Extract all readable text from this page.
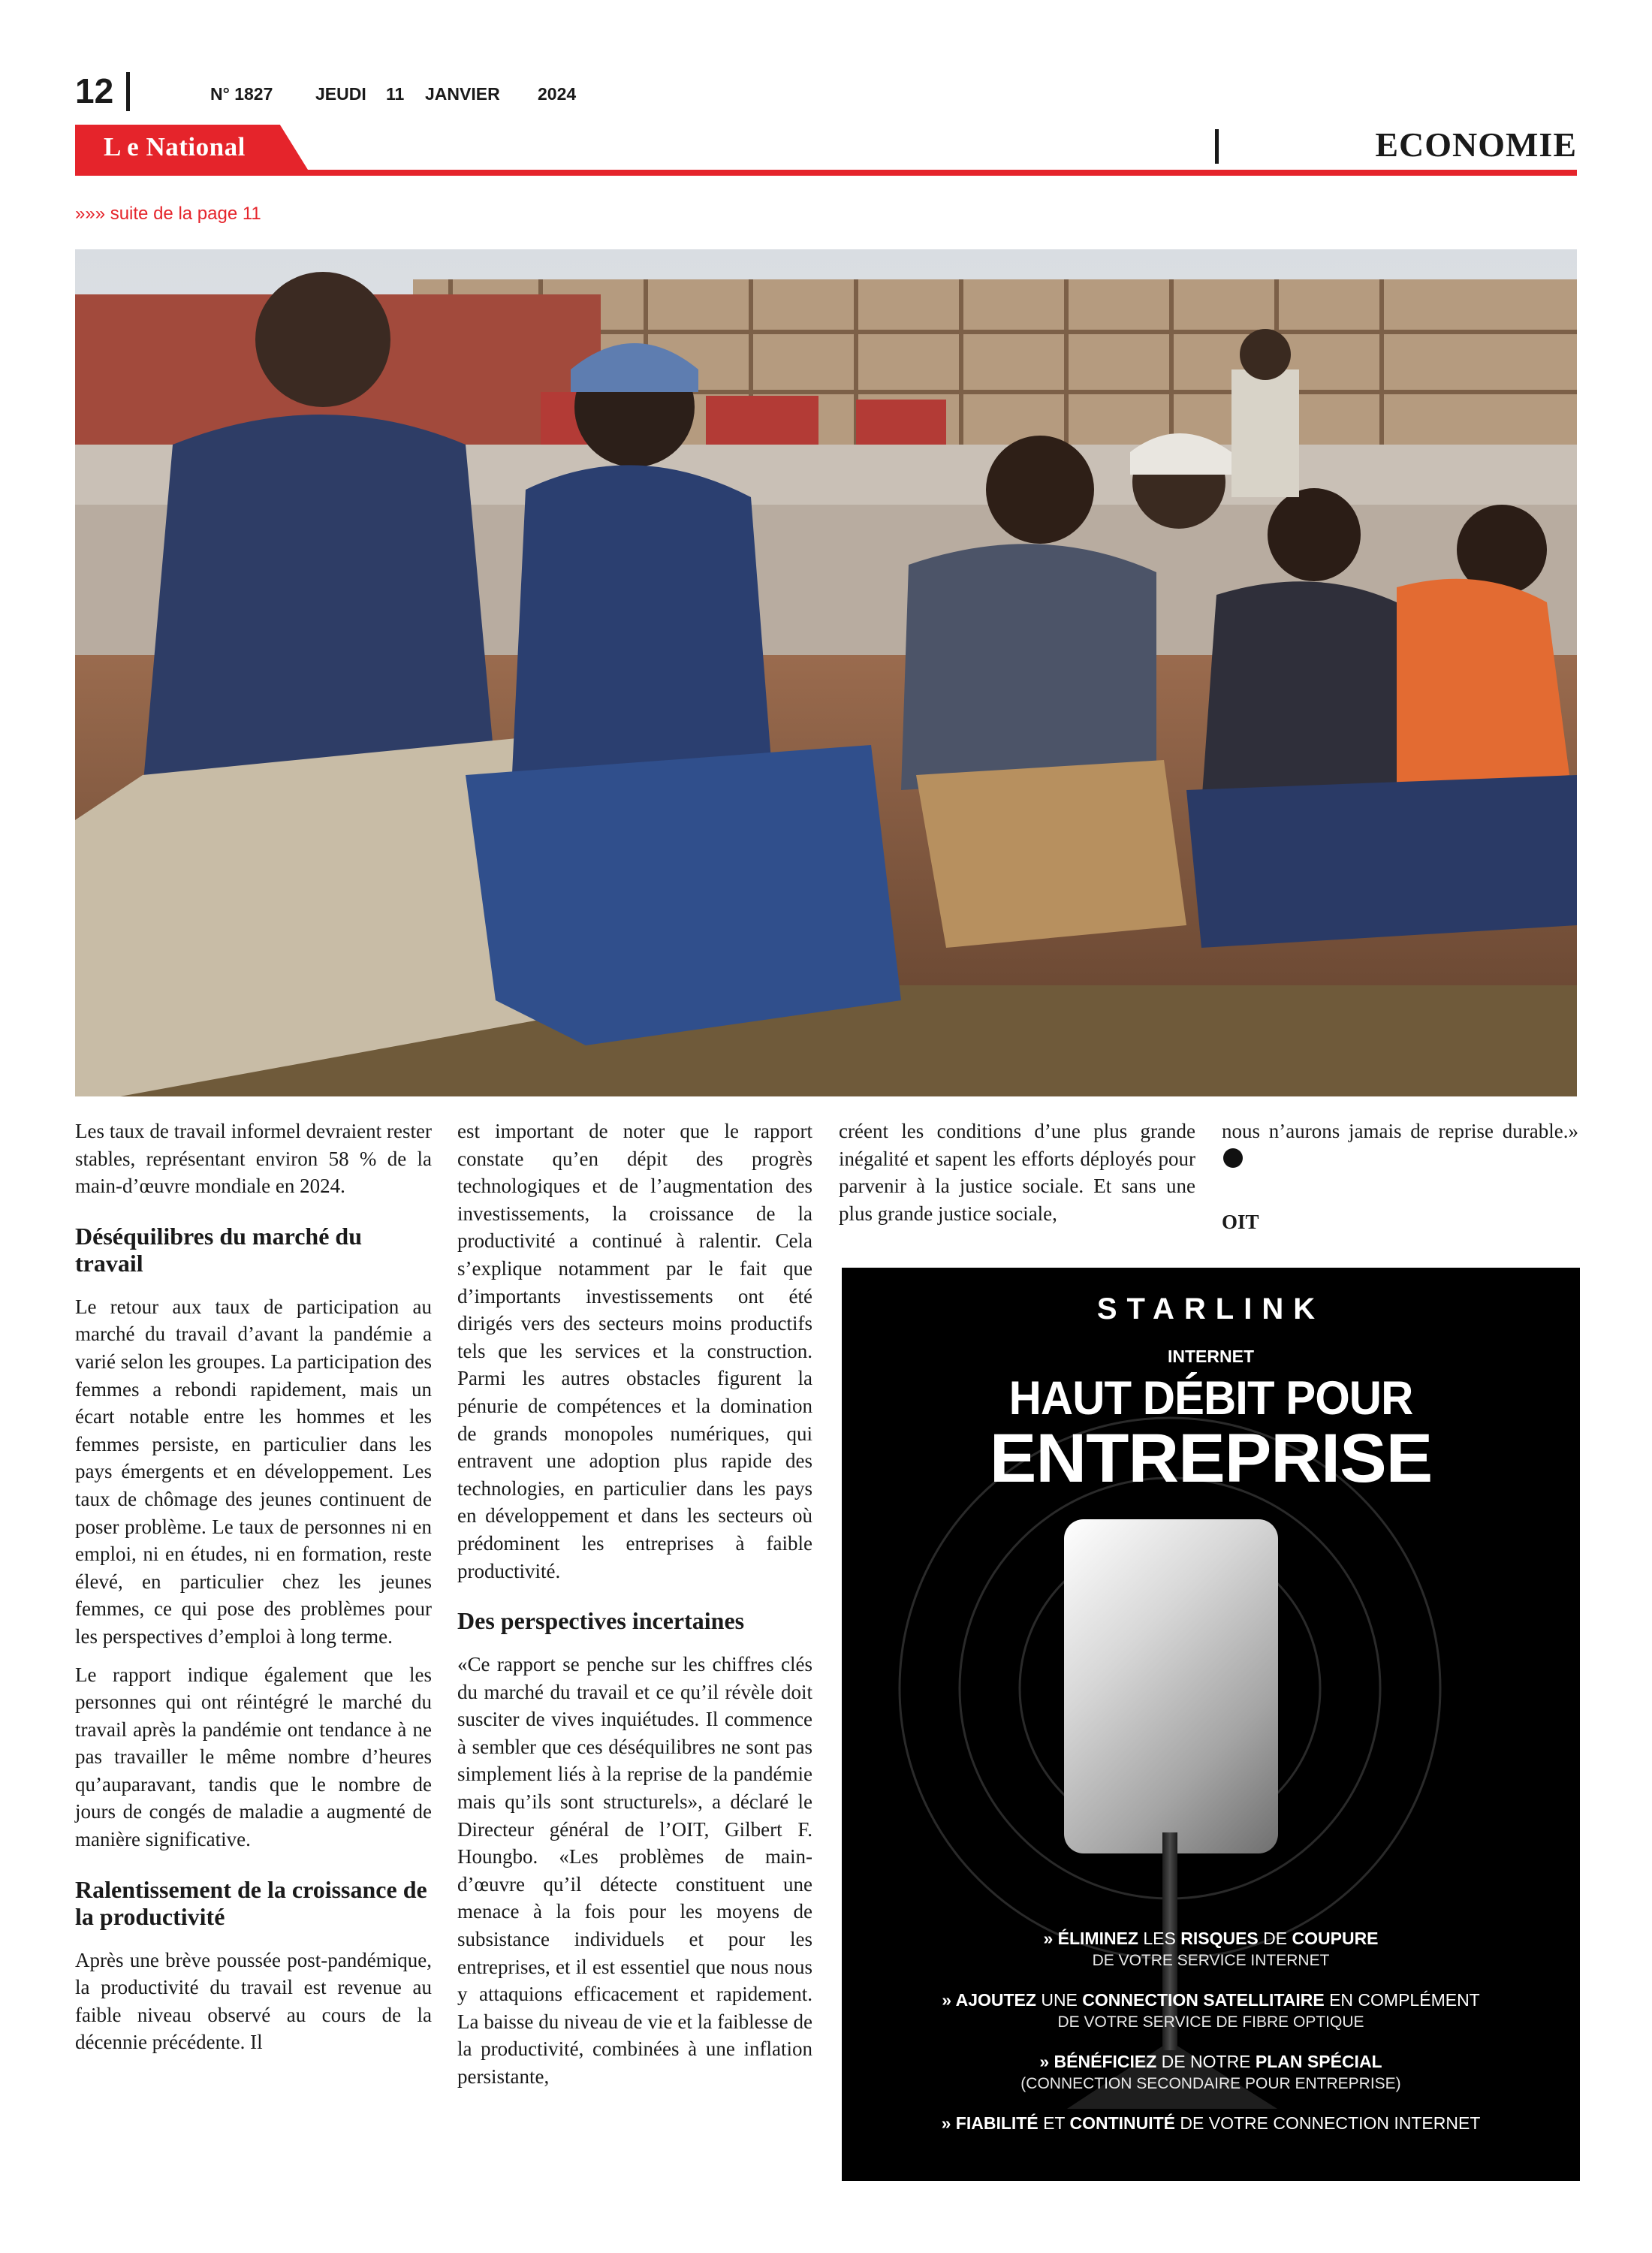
12	N° 1827 JEUDI 11 JANVIER 2024
L e National	ECONOMIE
»»» suite de la page 11

Les taux de travail informel devraient rester stables, représentant environ 58 % de la main-d’œuvre mondiale en 2024.

Déséquilibres du marché du travail

Le retour aux taux de participation au marché du travail d’avant la pandémie a varié selon les groupes. La participation des femmes a rebondi rapidement, mais un écart notable entre les hommes et les femmes persiste, en particulier dans les pays émergents et en développement. Les taux de chômage des jeunes continuent de poser problème. Le taux de personnes ni en emploi, ni en études, ni en formation, reste élevé, en particulier chez les jeunes femmes, ce qui pose des problèmes pour les perspectives d’emploi à long terme.

Le rapport indique également que les personnes qui ont réintégré le marché du travail après la pandémie ont tendance à ne pas travailler le même nombre d’heures qu’auparavant, tandis que le nombre de jours de congés de maladie a augmenté de manière significative.

Ralentissement de la croissance de la productivité

Après une brève poussée post-pandémique, la productivité du travail est revenue au faible niveau observé au cours de la décennie précédente. Il

est important de noter que le rapport constate qu’en dépit des progrès technologiques et de l’augmentation des investissements, la croissance de la productivité a continué à ralentir. Cela s’explique notamment par le fait que d’importants investissements ont été dirigés vers des secteurs moins productifs tels que les services et la construction. Parmi les autres obstacles figurent la pénurie de compétences et la domination de grands monopoles numériques, qui entravent une adoption plus rapide des technologies, en particulier dans les pays en développement et dans les secteurs où prédominent les entreprises à faible productivité.

Des perspectives incertaines

«Ce rapport se penche sur les chiffres clés du marché du travail et ce qu’il révèle doit susciter de vives inquiétudes. Il commence à sembler que ces déséquilibres ne sont pas simplement liés à la reprise de la pandémie mais qu’ils sont structurels», a déclaré le Directeur général de l’OIT, Gilbert F. Houngbo. «Les problèmes de main-d’œuvre qu’il détecte constituent une menace à la fois pour les moyens de subsistance individuels et pour les entreprises, et il est essentiel que nous nous y attaquions efficacement et rapidement. La baisse du niveau de vie et la faiblesse de la productivité, combinées à une inflation persistante,

créent les conditions d’une plus grande inégalité et sapent les efforts déployés pour parvenir à la justice sociale. Et sans une plus grande justice sociale,

nous n’aurons jamais de reprise durable.»

OIT

STARLINK
INTERNET
HAUT DÉBIT POUR
ENTREPRISE
» ÉLIMINEZ LES RISQUES DE COUPURE
DE VOTRE SERVICE INTERNET
» AJOUTEZ UNE CONNECTION SATELLITAIRE EN COMPLÉMENT
DE VOTRE SERVICE DE FIBRE OPTIQUE
» BÉNÉFICIEZ DE NOTRE PLAN SPÉCIAL
(CONNECTION SECONDAIRE POUR ENTREPRISE)
» FIABILITÉ ET CONTINUITÉ DE VOTRE CONNECTION INTERNET
